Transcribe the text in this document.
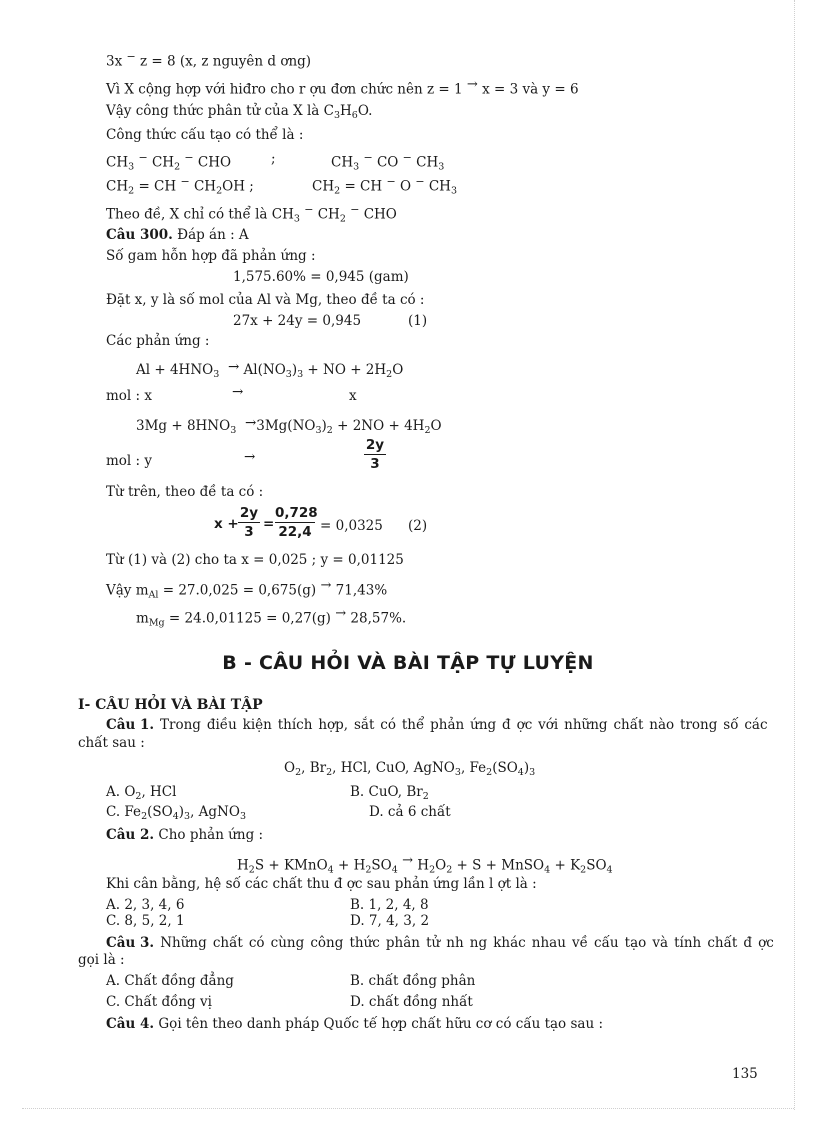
3x − z = 8 (x, z nguyên d ơng)
Vì X cộng hợp với hiđro cho r ợu đơn chức nên z = 1 → x = 3 và y = 6
Vậy công thức phân tử của X là $C_3H_6O$.
Công thức cấu tạo có thể là :
$CH_3$ − $CH_2$ − CHO	;	$CH_3$ − CO − $CH_3$
$CH_2$ = CH − $CH_2OH$ ;	$CH_2$ = CH − O − $CH_3$
Theo đề, X chỉ có thể là $CH_3$ − $CH_2$ − CHO
Câu 300. Đáp án : A
Số gam hỗn hợp đã phản ứng :
1,575.60% = 0,945 (gam)
Đặt x, y là số mol của Al và Mg, theo đề ta có :
27x + 24y = 0,945	(1)
Các phản ứng :
$Al + 4HNO_3 \to Al(NO_3)_3$ + NO + $2H_2O$
mol : x	→	x
$3Mg + 8HNO_3 \to 3Mg(NO_3)_2 + 2NO + 4H_2O$
mol : y	→
2y
3
Từ trên, theo đề ta có :
x +
2y
3 =
0,728
22,4 = 0,0325 (2)
Từ (1) và (2) cho ta x = 0,025 ; y = 0,01125
Vậy $m_{Al} = 27.0,025 = 0,675(g)$ → 71,43%
$m_{Mg} = 24.0,01125 = 0,27(g)$ → 28,57%.
B - CÂU HỎI VÀ BÀI TẬP TỰ LUYỆN
I- CÂU HỎI VÀ BÀI TẬP
Câu 1. Trong điều kiện thích hợp, sắt có thể phản ứng đ ợc với những chất nào trong số các
chất sau :
$O_2$, $Br_2$, HCl, CuO, AgNO$_3$, $Fe_2(SO_4)_3$
A. $O_2$, HCl	B. CuO, $Br_2$
C. $Fe_2(SO_4)_3$, AgNO$_3$	D. cả 6 chất
Câu 2. Cho phản ứng :
$H_2S$ + KMnO$_4$ + $H_2SO_4$ → $H_2O_2 + S$ + MnSO$_4$ + $K_2SO_4$
Khi cân bằng, hệ số các chất thu đ ợc sau phản ứng lần l ợt là :
A. 2, 3, 4, 6	B. 1, 2, 4, 8
C. 8, 5, 2, 1	D. 7, 4, 3, 2
Câu 3. Những chất có cùng công thức phân tử nh ng khác nhau về cấu tạo và tính chất đ ợc
gọi là :
A. Chất đồng đẳng	B. chất đồng phân
C. Chất đồng vị	D. chất đồng nhất
Câu 4. Gọi tên theo danh pháp Quốc tế hợp chất hữu cơ có cấu tạo sau :
135
